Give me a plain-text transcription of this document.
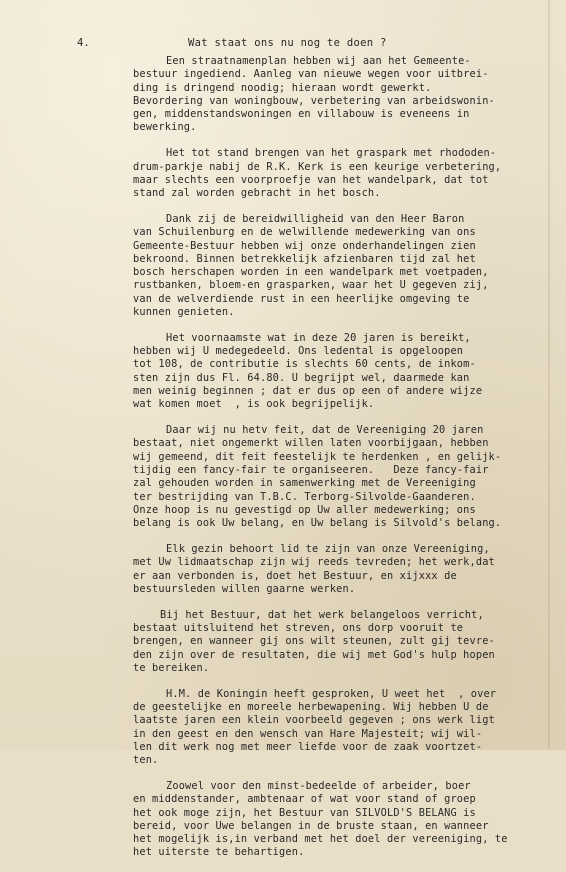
4.	Wat staat ons nu nog te doen ?
Een straatnamenplan hebben wij aan het Gemeente-
bestuur ingediend. Aanleg van nieuwe wegen voor uitbrei-
ding is dringend noodig; hieraan wordt gewerkt.
Bevordering van woningbouw, verbetering van arbeidswonin-
gen, middenstandswoningen en villabouw is eveneens in
bewerking.
Het tot stand brengen van het graspark met rhododen-
drum-parkje nabij de R.K. Kerk is een keurige verbetering,
maar slechts een voorproefje van het wandelpark, dat tot
stand zal worden gebracht in het bosch.
Dank zij de bereidwilligheid van den Heer Baron
van Schuilenburg en de welwillende medewerking van ons
Gemeente-Bestuur hebben wij onze onderhandelingen zien
bekroond. Binnen betrekkelijk afzienbaren tijd zal het
bosch herschapen worden in een wandelpark met voetpaden,
rustbanken, bloem-en grasparken, waar het U gegeven zij,
van de welverdiende rust in een heerlijke omgeving te
kunnen genieten.
Het voornaamste wat in deze 20 jaren is bereikt,
hebben wij U medegedeeld. Ons ledental is opgeloopen
tot 108, de contributie is slechts 60 cents, de inkom-
sten zijn dus Fl. 64.80. U begrijpt wel, daarmede kan
men weinig beginnen ; dat er dus op een of andere wijze
wat komen moet  , is ook begrijpelijk.
Daar wij nu hetv feit, dat de Vereeniging 20 jaren
bestaat, niet ongemerkt willen laten voorbijgaan, hebben
wij gemeend, dit feit feestelijk te herdenken , en gelijk-
tijdig een fancy-fair te organiseeren.   Deze fancy-fair
zal gehouden worden in samenwerking met de Vereeniging
ter bestrijding van T.B.C. Terborg-Silvolde-Gaanderen.
Onze hoop is nu gevestigd op Uw aller medewerking; ons
belang is ook Uw belang, en Uw belang is Silvold's belang.
Elk gezin behoort lid te zijn van onze Vereeniging,
met Uw lidmaatschap zijn wij reeds tevreden; het werk,dat
er aan verbonden is, doet het Bestuur, en xijxxx de
bestuursleden willen gaarne werken.
Bij het Bestuur, dat het werk belangeloos verricht,
bestaat uitsluitend het streven, ons dorp vooruit te
brengen, en wanneer gij ons wilt steunen, zult gij tevre-
den zijn over de resultaten, die wij met God's hulp hopen
te bereiken.
H.M. de Koningin heeft gesproken, U weet het  , over
de geestelijke en moreele herbewapening. Wij hebben U de
laatste jaren een klein voorbeeld gegeven ; ons werk ligt
in den geest en den wensch van Hare Majesteit; wij wil-
len dit werk nog met meer liefde voor de zaak voortzet-
ten.
Zoowel voor den minst-bedeelde of arbeider, boer
en middenstander, ambtenaar of wat voor stand of groep
het ook moge zijn, het Bestuur van SILVOLD'S BELANG is
bereid, voor Uwe belangen in de bruste staan, en wanneer
het mogelijk is,in verband met het doel der vereeniging, te
het uiterste te behartigen.
